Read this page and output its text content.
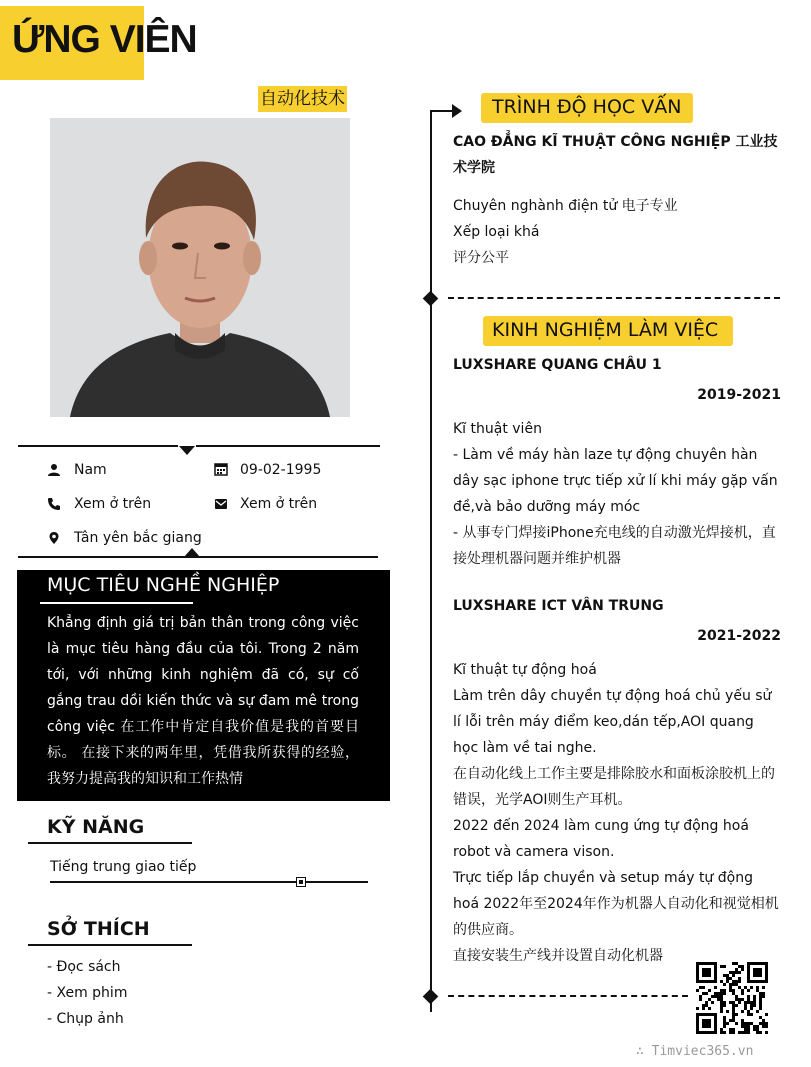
ỨNG VIÊN
自动化技术
Nam	09-02-1995
Xem ở trên	Xem ở trên
Tân yên bắc giang
MỤC TIÊU NGHỀ NGHIỆP
Khẳng định giá trị bản thân trong công việc là mục tiêu hàng đầu của tôi. Trong 2 năm tới, với những kinh nghiệm đã có, sự cố gắng trau dồi kiến thức và sự đam mê trong công việc 在工作中肯定自我价值是我的首要目标。 在接下来的两年里，凭借我所获得的经验，我努力提高我的知识和工作热情
KỸ NĂNG
Tiếng trung giao tiếp
SỞ THÍCH
- Đọc sách
- Xem phim
- Chụp ảnh
TRÌNH ĐỘ HỌC VẤN
CAO ĐẲNG KĨ THUẬT CÔNG NGHIỆP 工业技术学院
Chuyên nghành điện tử 电子专业
Xếp loại khá
评分公平
KINH NGHIỆM LÀM VIỆC
LUXSHARE QUANG CHÂU 1
2019-2021
Kĩ thuật viên
- Làm về máy hàn laze tự động chuyên hàn dây sạc iphone trực tiếp xử lí khi máy gặp vấn đề,và bảo dưỡng máy móc
- 从事专门焊接iPhone充电线的自动激光焊接机，直接处理机器问题并维护机器
LUXSHARE ICT VÂN TRUNG
2021-2022
Kĩ thuật tự động hoá
Làm trên dây chuyền tự động hoá chủ yếu sử lí lỗi trên máy điểm keo,dán tếp,AOI quang học làm về tai nghe.
在自动化线上工作主要是排除胶水和面板涂胶机上的错误，光学AOI则生产耳机。
2022 đến 2024 làm cung ứng tự động hoá robot và camera vison.
Trực tiếp lắp chuyền và setup máy tự động hoá 2022年至2024年作为机器人自动化和视觉相机的供应商。
直接安装生产线并设置自动化机器
∴ Timviec365.vn
